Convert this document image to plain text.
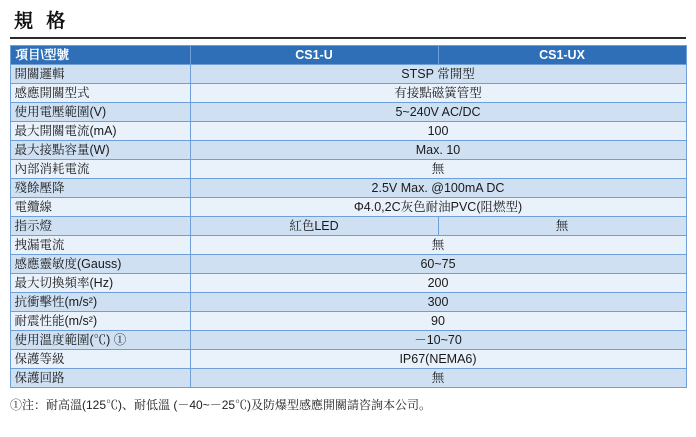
規 格
項目\型號	CS1-U	CS1-UX
開關邏輯	STSP 常開型	
感應開關型式	有接點磁簧管型	
使用電壓範圍(V)	5~240V AC/DC	
最大開關電流(mA)	100	
最大接點容量(W)	Max. 10	
內部消耗電流	無	
殘餘壓降	2.5V Max. @100mA DC	
電纜線	Φ4.0,2C灰色耐油PVC(阻燃型)	
指示燈	紅色LED	無
拽漏電流	無	
感應靈敏度(Gauss)	60~75	
最大切換頻率(Hz)	200	
抗衝擊性(m/s²)	300	
耐震性能(m/s²)	90	
使用溫度範圍(℃) ①	－10~70	
保護等級	IP67(NEMA6)	
保護回路	無	
①注：耐高溫(125℃)、耐低溫 (－40~－25℃)及防爆型感應開關請咨詢本公司。
